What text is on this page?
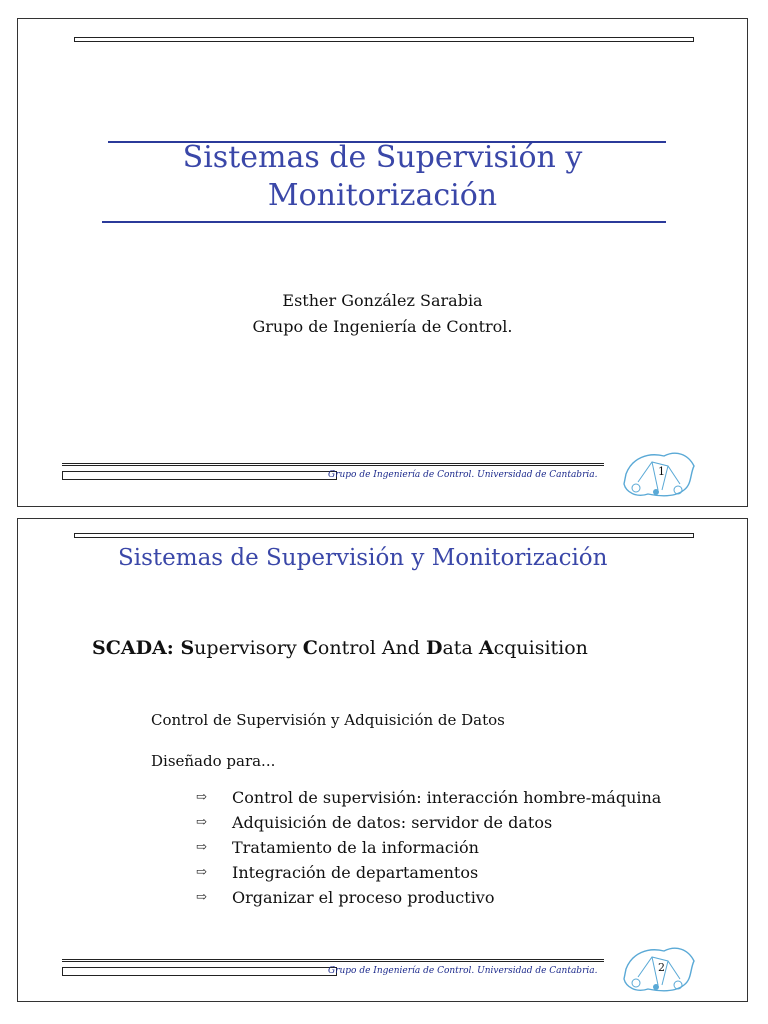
Sistemas de Supervisión y Monitorización
Esther González Sarabia
Grupo de Ingeniería de Control.
Grupo de Ingeniería de Control. Universidad de Cantabria.	1
Sistemas de Supervisión y Monitorización
SCADA: Supervisory Control And Data Acquisition
Control de Supervisión y Adquisición de Datos
Diseñado para...
⇨	Control de supervisión: interacción hombre-máquina
⇨	Adquisición de datos: servidor de datos
⇨	Tratamiento de la información
⇨	Integración de departamentos
⇨	Organizar el proceso productivo
Grupo de Ingeniería de Control. Universidad de Cantabria.	2
